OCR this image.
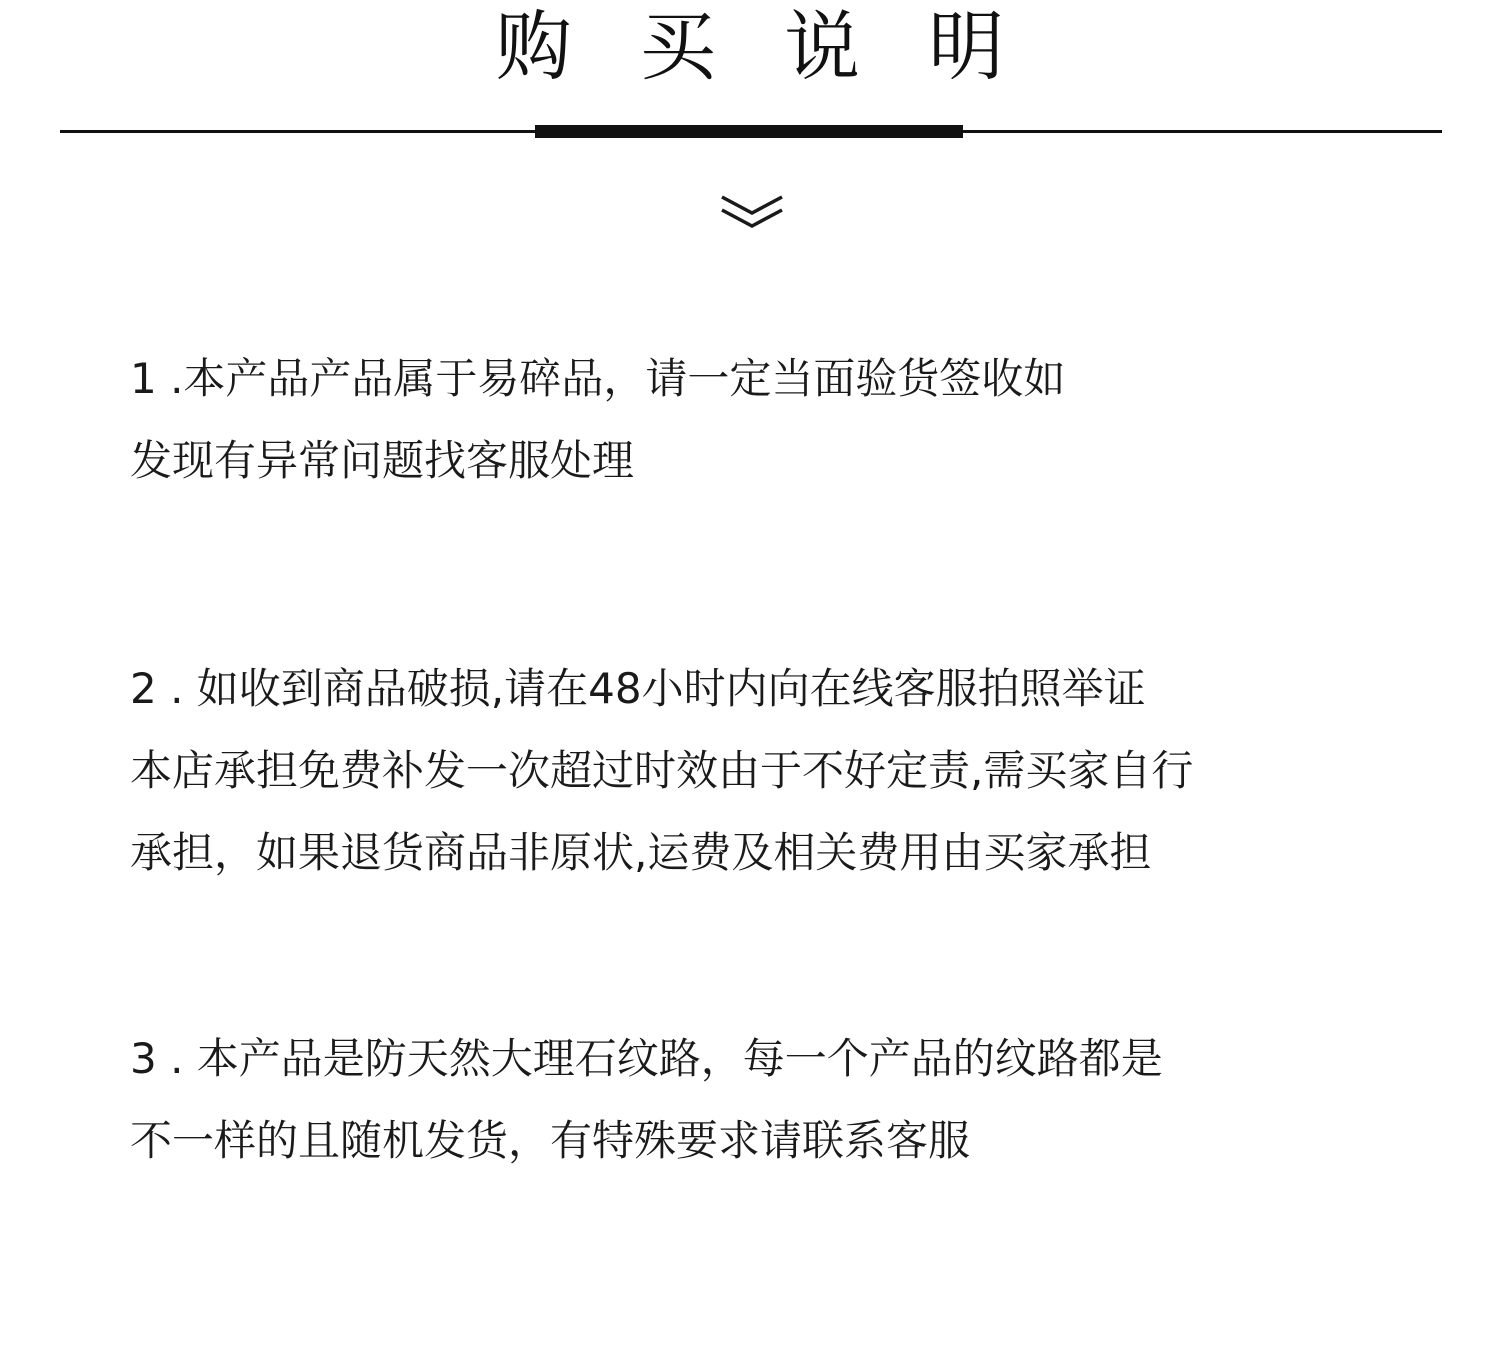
购 买 说 明
1 .本产品产品属于易碎品，请一定当面验货签收如
发现有异常问题找客服处理
2 . 如收到商品破损,请在48小时内向在线客服拍照举证
本店承担免费补发一次超过时效由于不好定责,需买家自行
承担，如果退货商品非原状,运费及相关费用由买家承担
3 . 本产品是防天然大理石纹路，每一个产品的纹路都是
不一样的且随机发货，有特殊要求请联系客服
